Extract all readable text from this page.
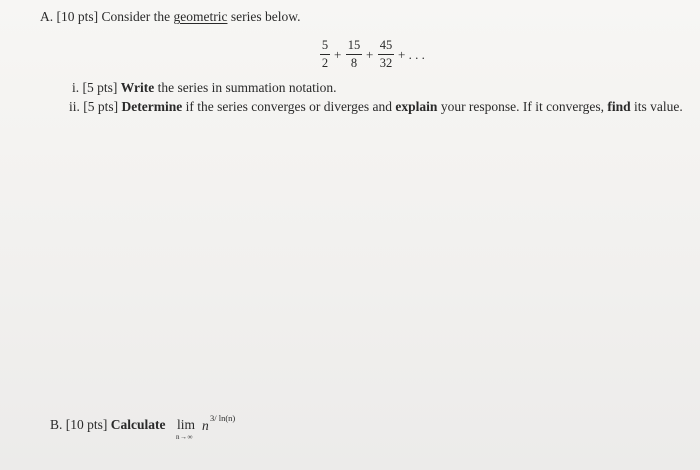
A. [10 pts] Consider the geometric series below.
5
2
+
15
8
+
45
32
+ . . .
i. [5 pts] Write the series in summation notation.
ii. [5 pts] Determine if the series converges or diverges and explain your response. If it converges, find its value.
B. [10 pts] Calculate lim
n→∞
n 3/ ln(n)
